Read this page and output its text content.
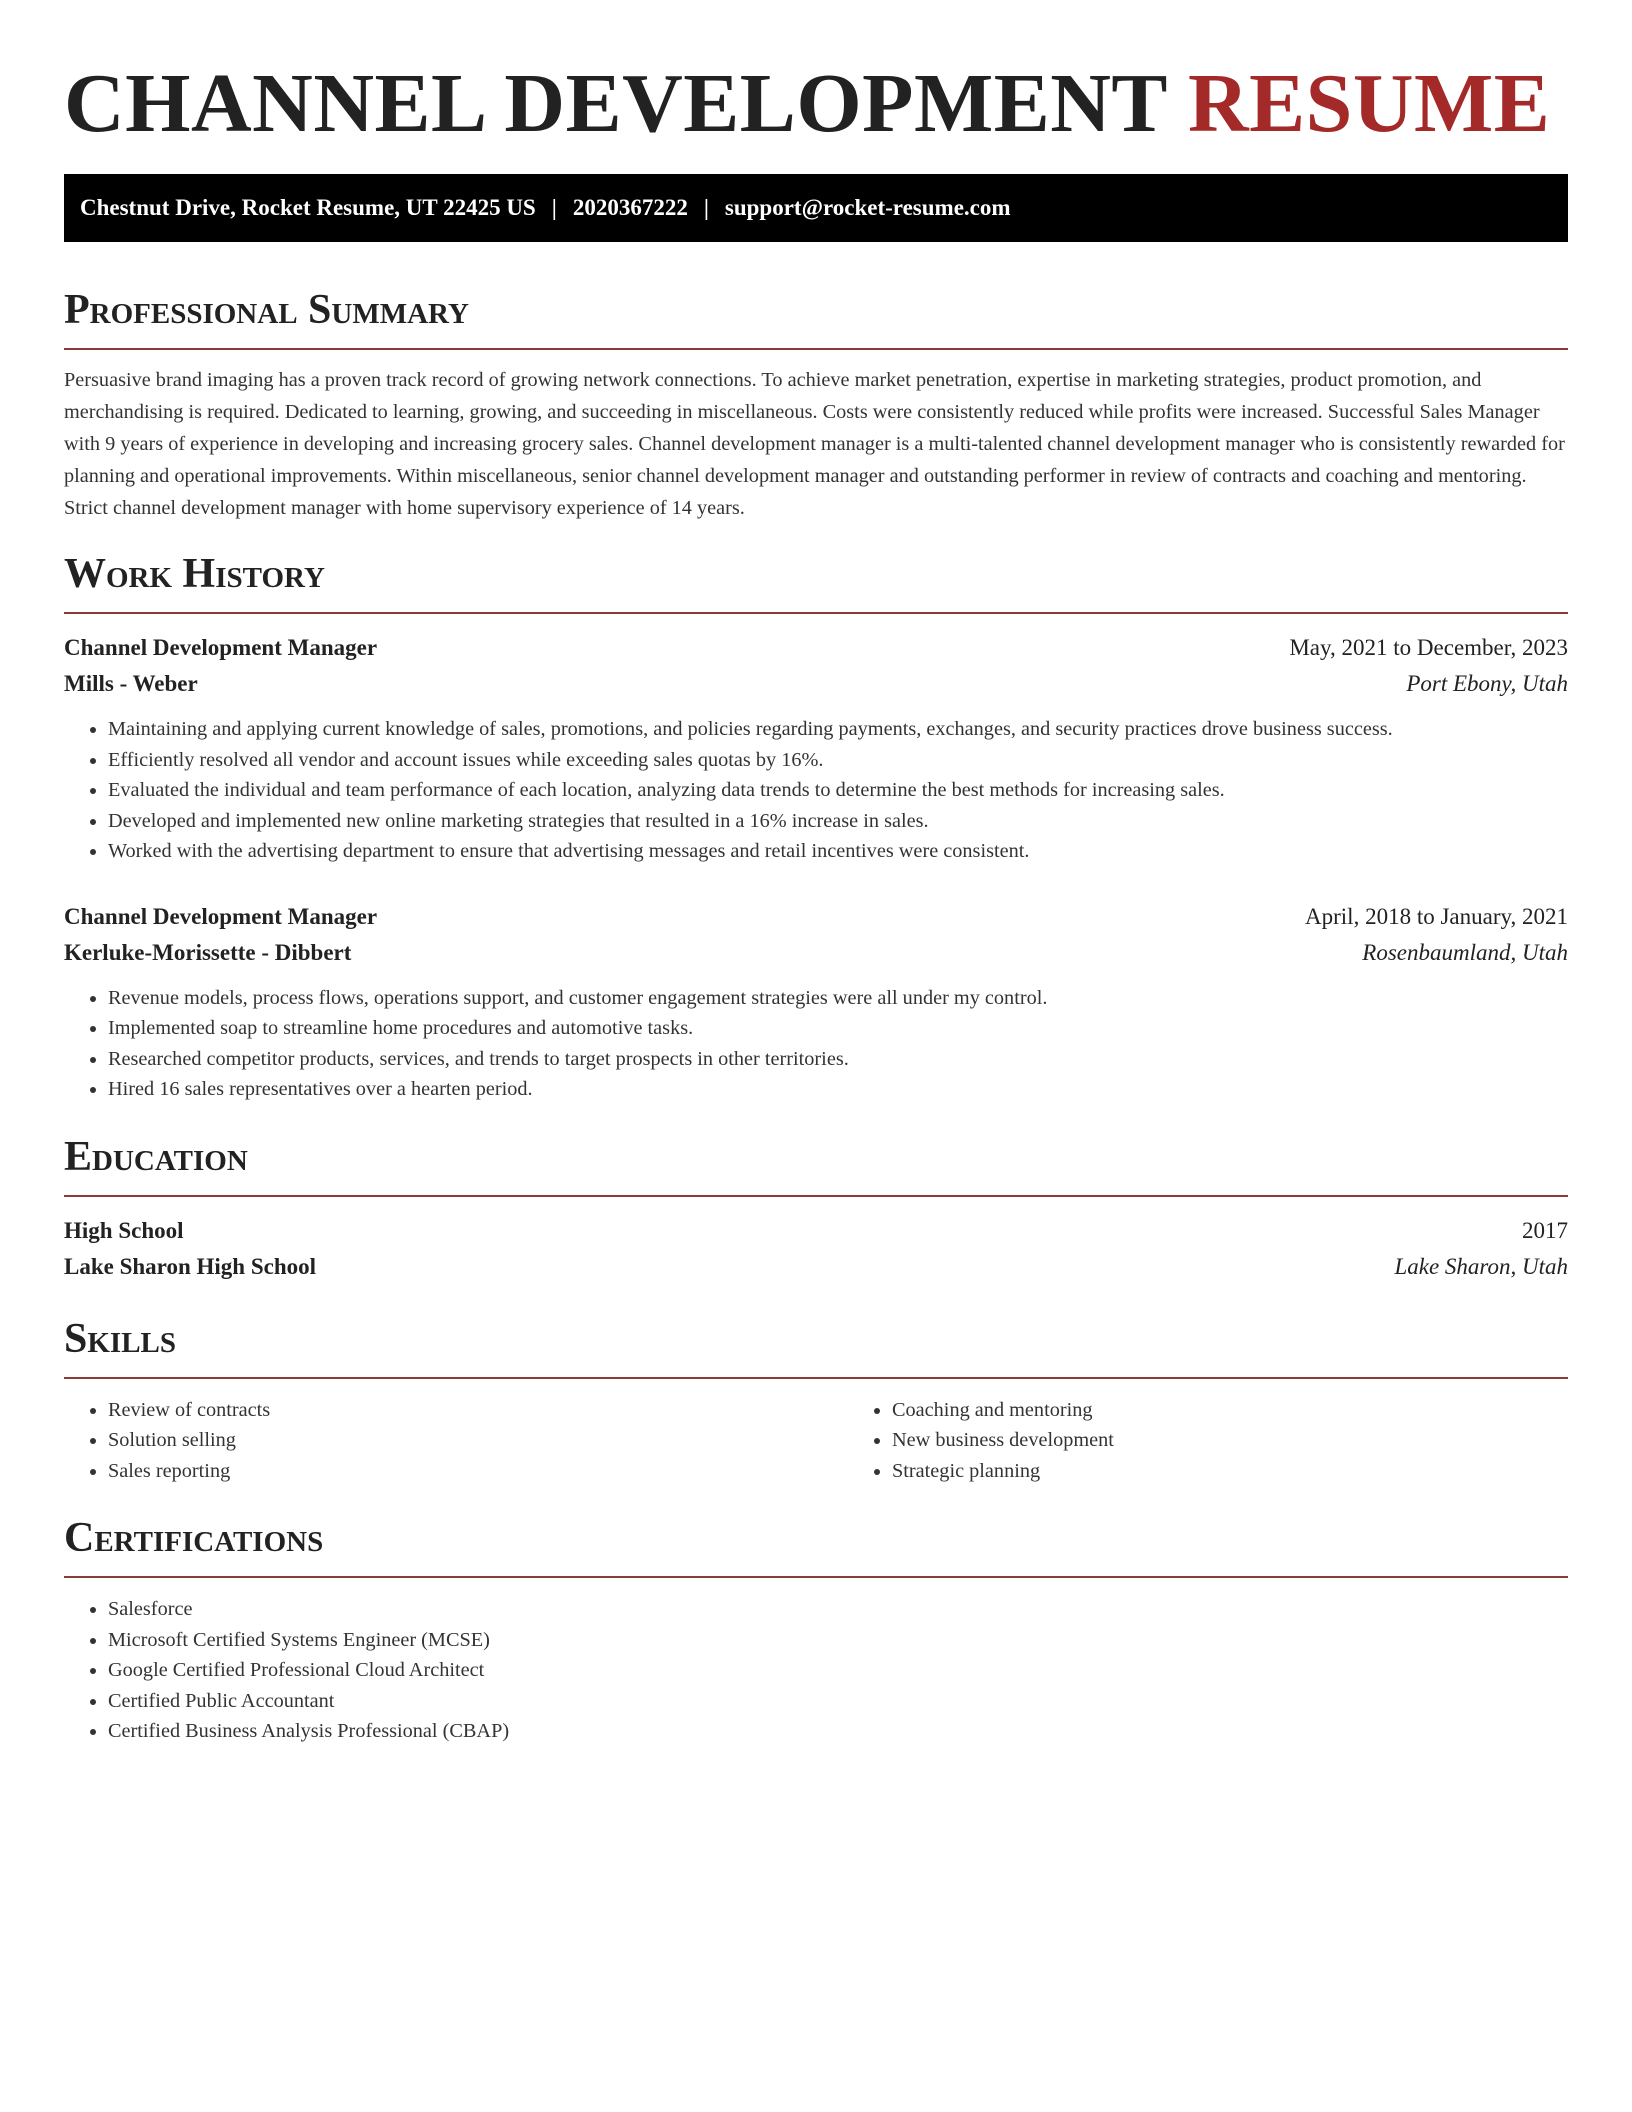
CHANNEL DEVELOPMENT RESUME
Chestnut Drive, Rocket Resume, UT 22425 US | 2020367222 | support@rocket-resume.com
Professional Summary

Persuasive brand imaging has a proven track record of growing network connections. To achieve market penetration, expertise in marketing strategies, product promotion, and merchandising is required. Dedicated to learning, growing, and succeeding in miscellaneous. Costs were consistently reduced while profits were increased. Successful Sales Manager with 9 years of experience in developing and increasing grocery sales. Channel development manager is a multi-talented channel development manager who is consistently rewarded for planning and operational improvements. Within miscellaneous, senior channel development manager and outstanding performer in review of contracts and coaching and mentoring. Strict channel development manager with home supervisory experience of 14 years.

Work History
Channel Development Manager	May, 2021 to December, 2023
Mills - Weber	Port Ebony, Utah
• Maintaining and applying current knowledge of sales, promotions, and policies regarding payments, exchanges, and security practices drove business success.
• Efficiently resolved all vendor and account issues while exceeding sales quotas by 16%.
• Evaluated the individual and team performance of each location, analyzing data trends to determine the best methods for increasing sales.
• Developed and implemented new online marketing strategies that resulted in a 16% increase in sales.
• Worked with the advertising department to ensure that advertising messages and retail incentives were consistent.
Channel Development Manager	April, 2018 to January, 2021
Kerluke-Morissette - Dibbert	Rosenbaumland, Utah
• Revenue models, process flows, operations support, and customer engagement strategies were all under my control.
• Implemented soap to streamline home procedures and automotive tasks.
• Researched competitor products, services, and trends to target prospects in other territories.
• Hired 16 sales representatives over a hearten period.
Education
High School	2017
Lake Sharon High School	Lake Sharon, Utah
Skills
• Review of contracts
• Solution selling
• Sales reporting
• Coaching and mentoring
• New business development
• Strategic planning
Certifications
• Salesforce
• Microsoft Certified Systems Engineer (MCSE)
• Google Certified Professional Cloud Architect
• Certified Public Accountant
• Certified Business Analysis Professional (CBAP)
